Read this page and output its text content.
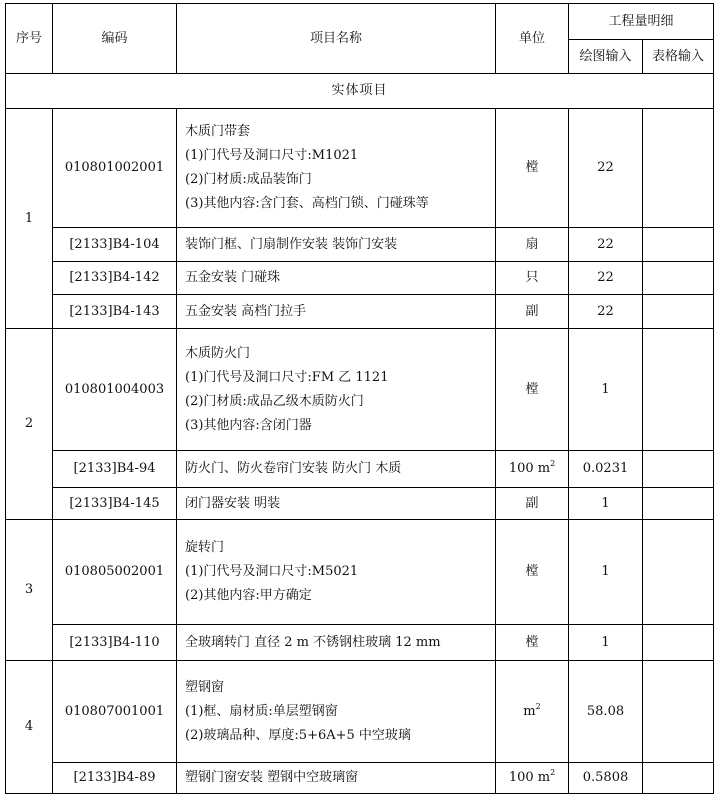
序号	编码	项目名称	单位	工程量明细	
				绘图输入	表格输入
实体项目					
1	010801002001	木质门带套
(1)门代号及洞口尺寸:M1021
(2)门材质:成品装饰门
(3)其他内容:含门套、高档门锁、门碰珠等	樘	22	
	[2133]B4-104	装饰门框、门扇制作安装 装饰门安装	扇	22	
	[2133]B4-142	五金安装 门碰珠	只	22	
	[2133]B4-143	五金安装 高档门拉手	副	22	
2	010801004003	木质防火门
(1)门代号及洞口尺寸:FM 乙 1121
(2)门材质:成品乙级木质防火门
(3)其他内容:含闭门器	樘	1	
	[2133]B4-94	防火门、防火卷帘门安装 防火门 木质	100 $m^2$	0.0231	
	[2133]B4-145	闭门器安装 明装	副	1	
3	010805002001	旋转门
(1)门代号及洞口尺寸:M5021
(2)其他内容:甲方确定	樘	1	
	[2133]B4-110	全玻璃转门 直径 2 m 不锈钢柱玻璃 12 mm	樘	1	
4	010807001001	塑钢窗
(1)框、扇材质:单层塑钢窗
(2)玻璃品种、厚度:5+6A+5 中空玻璃	$m^2$	58.08	
	[2133]B4-89	塑钢门窗安装 塑钢中空玻璃窗	100 $m^2$	0.5808	
